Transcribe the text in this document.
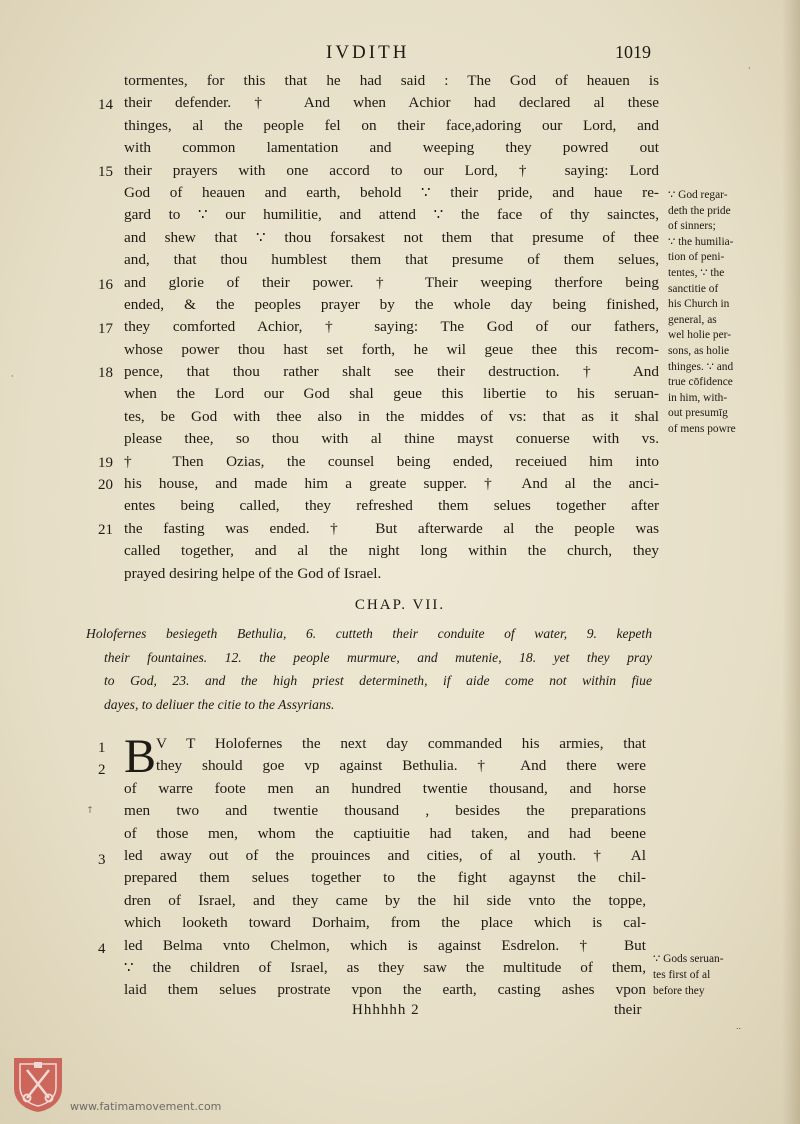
IVDITH	1019
14
15
16
17
18
19
20
21
tormentes, for this that he had said : The God of heauen is
their defender. † And when Achior had declared al these
thinges, al the people fel on their face,adoring our Lord, and
with common lamentation and weeping they powred out
their prayers with one accord to our Lord, † saying: Lord
God of heauen and earth, behold ∵ their pride, and haue re-
gard to ∵ our humilitie, and attend ∵ the face of thy sainctes,
and shew that ∵ thou forsakest not them that presume of thee
and, that thou humblest them that presume of them selues,
and glorie of their power. † Their weeping therfore being
ended, & the peoples prayer by the whole day being finished,
they comforted Achior, † saying: The God of our fathers,
whose power thou hast set forth, he wil geue thee this recom-
pence, that thou rather shalt see their destruction. † And
when the Lord our God shal geue this libertie to his seruan-
tes, be God with thee also in the middes of vs: that as it shal
please thee, so thou with al thine mayst conuerse with vs.
† Then Ozias, the counsel being ended, receiued him into
his house, and made him a greate supper. † And al the anci-
entes being called, they refreshed them selues together after
the fasting was ended. † But afterwarde al the people was
called together, and al the night long within the church, they
prayed desiring helpe of the God of Israel.
∵ God regar-
deth the pride
of sinners;
∵ the humilia-
tion of peni-
tentes, ∵ the
sanctitie of
his Church in
general, as
wel holie per-
sons, as holie
thinges. ∵ and
true cōfidence
in him, with-
out presumīg
of mens powre
CHAP. VII.
Holofernes besiegeth Bethulia, 6. cutteth their conduite of water, 9. kepeth
their fountaines. 12. the people murmure, and mutenie, 18. yet they pray
to God, 23. and the high priest determineth, if aide come not within fiue
dayes, to deliuer the citie to the Assyrians.
B
1
2
3
4
V T Holofernes the next day commanded his armies, that
they should goe vp against Bethulia. † And there were
of warre foote men an hundred twentie thousand, and horse
men two and twentie thousand , besides the preparations
of those men, whom the captiuitie had taken, and had beene
led away out of the prouinces and cities, of al youth. † Al
prepared them selues together to the fight agaynst the chil-
dren of Israel, and they came by the hil side vnto the toppe,
which looketh toward Dorhaim, from the place which is cal-
led Belma vnto Chelmon, which is against Esdrelon. † But
∵ the children of Israel, as they saw the multitude of them,
laid them selues prostrate vpon the earth, casting ashes vpon
∵ Gods seruan-
tes first of al
before they
Hhhhhh 2	their
www.fatimamovement.com
·
·
†
..
